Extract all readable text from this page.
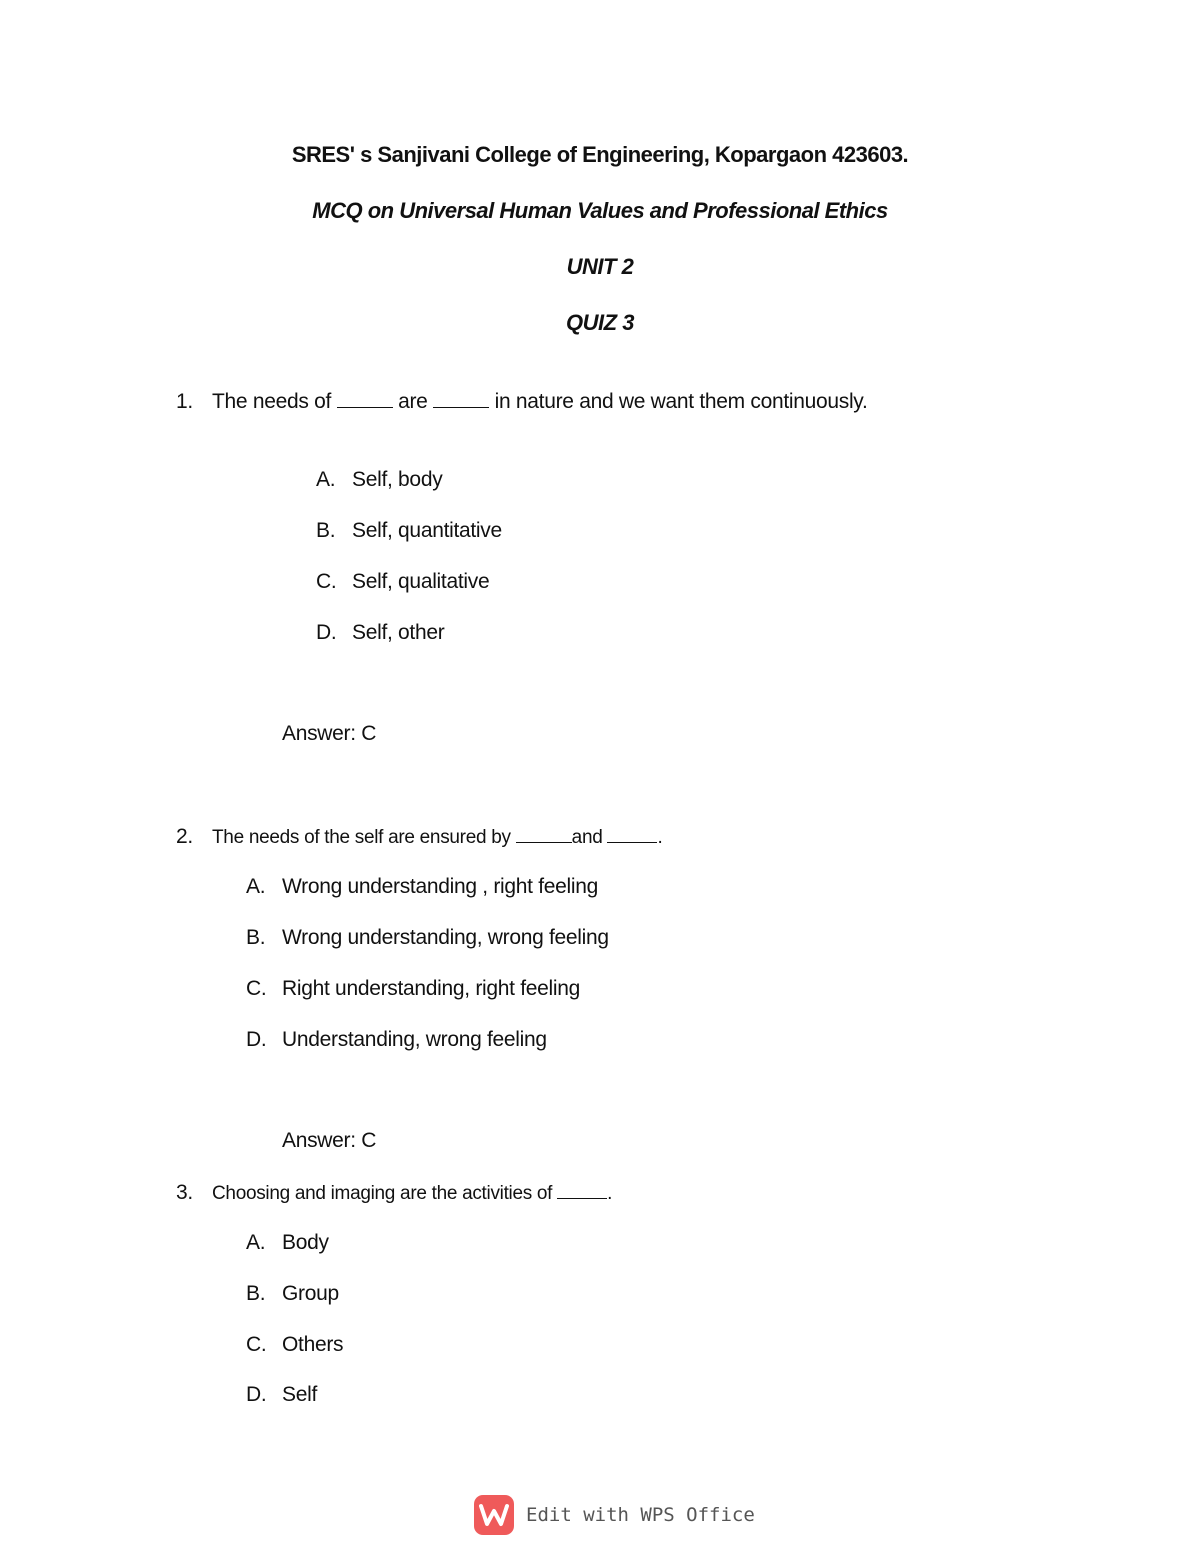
SRES' s Sanjivani College of Engineering, Kopargaon 423603.
MCQ on Universal Human Values and Professional Ethics
UNIT 2
QUIZ 3
1. The needs of	are	in nature and we want them continuously.
A. Self, body
B. Self, quantitative
C. Self, qualitative
D. Self, other
Answer: C
2. The needs of the self are ensured by	and	.
A. Wrong understanding , right feeling
B. Wrong understanding, wrong feeling
C. Right understanding, right feeling
D. Understanding, wrong feeling
Answer: C
3. Choosing and imaging are the activities of	.
A. Body
B. Group
C. Others
D. Self
Edit with WPS Office
